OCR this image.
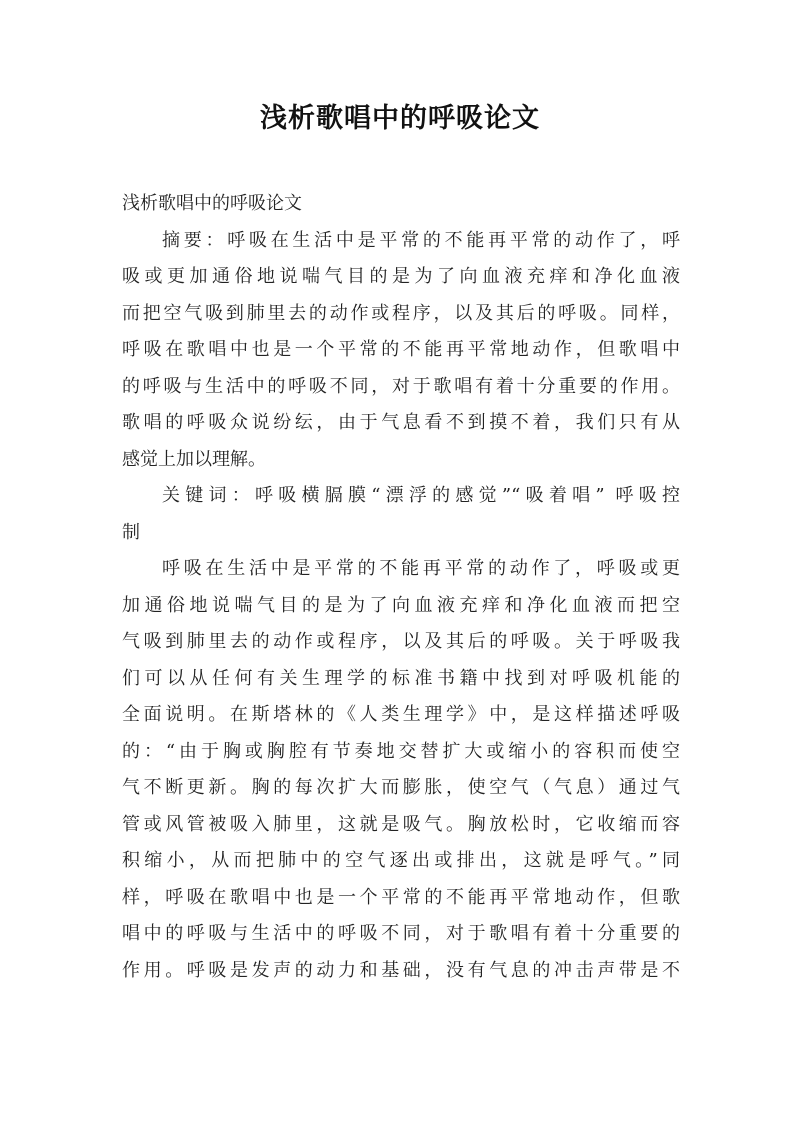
浅析歌唱中的呼吸论文
浅析歌唱中的呼吸论文
摘要：呼吸在生活中是平常的不能再平常的动作了，呼
吸或更加通俗地说喘气目的是为了向血液充痒和净化血液
而把空气吸到肺里去的动作或程序，以及其后的呼吸。同样，
呼吸在歌唱中也是一个平常的不能再平常地动作，但歌唱中
的呼吸与生活中的呼吸不同，对于歌唱有着十分重要的作用。
歌唱的呼吸众说纷纭，由于气息看不到摸不着，我们只有从
感觉上加以理解。
关键词：呼吸横膈膜“漂浮的感觉”“吸着唱” 呼吸控
制
呼吸在生活中是平常的不能再平常的动作了，呼吸或更
加通俗地说喘气目的是为了向血液充痒和净化血液而把空
气吸到肺里去的动作或程序，以及其后的呼吸。关于呼吸我
们可以从任何有关生理学的标准书籍中找到对呼吸机能的
全面说明。在斯塔林的《人类生理学》中，是这样描述呼吸
的：“由于胸或胸腔有节奏地交替扩大或缩小的容积而使空
气不断更新。胸的每次扩大而膨胀，使空气（气息）通过气
管或风管被吸入肺里，这就是吸气。胸放松时，它收缩而容
积缩小，从而把肺中的空气逐出或排出，这就是呼气。”同
样，呼吸在歌唱中也是一个平常的不能再平常地动作，但歌
唱中的呼吸与生活中的呼吸不同，对于歌唱有着十分重要的
作用。呼吸是发声的动力和基础，没有气息的冲击声带是不
